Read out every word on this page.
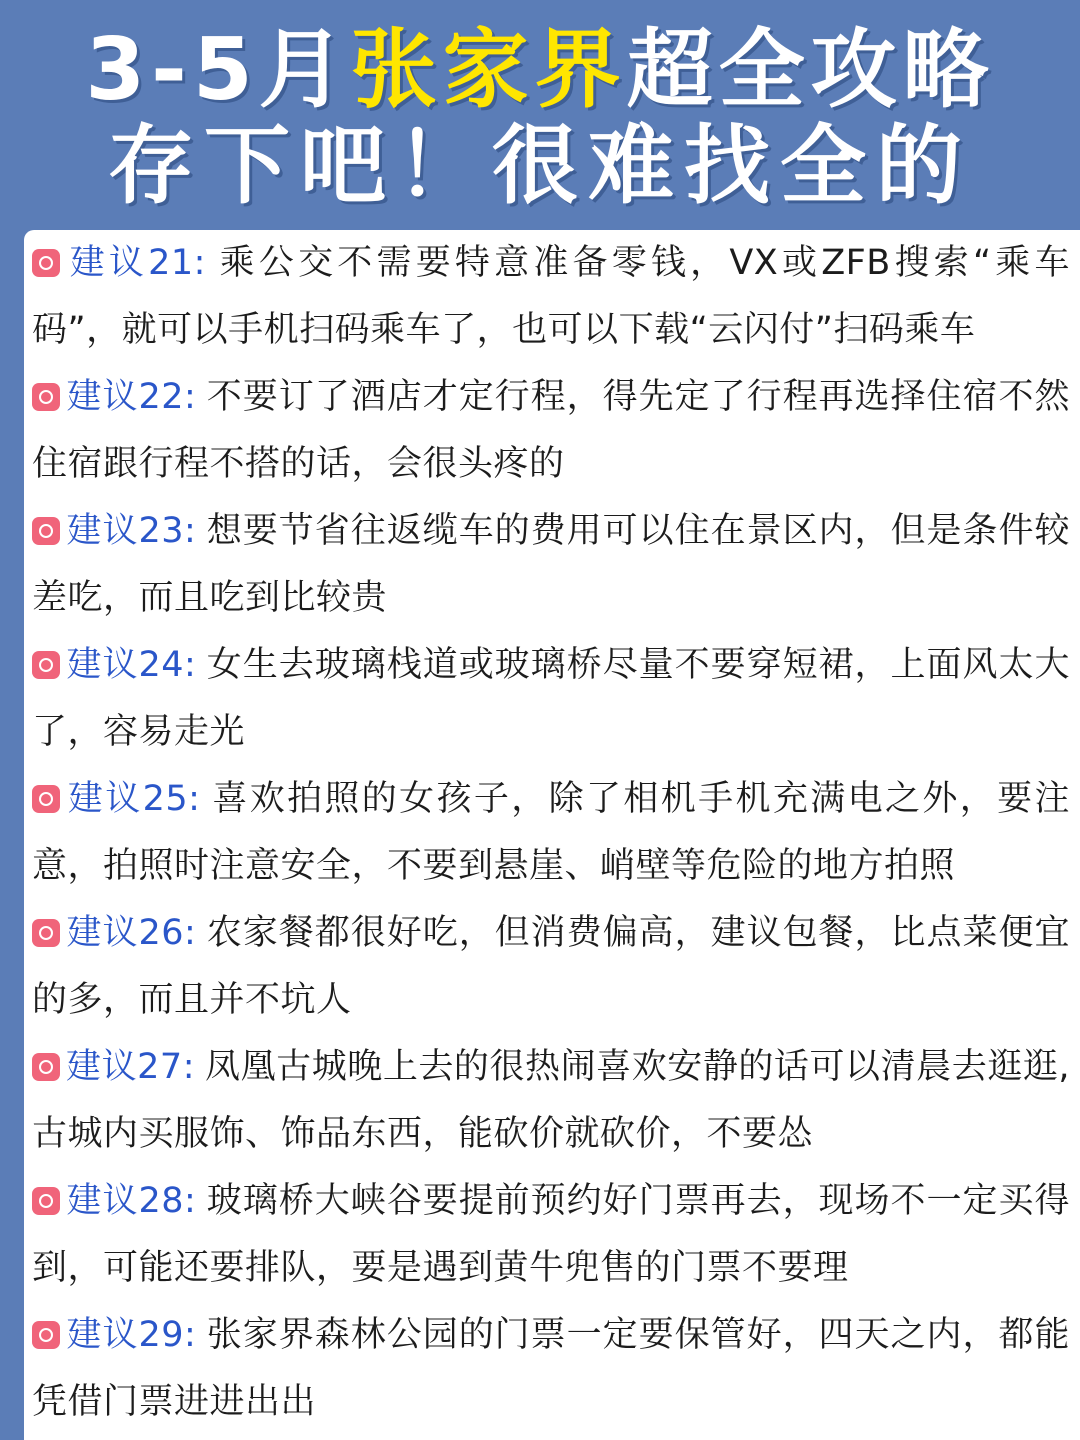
3-5月张家界超全攻略
存下吧！很难找全的
建议21: 乘公交不需要特意准备零钱，VX或ZFB搜索“乘车码”，就可以手机扫码乘车了，也可以下载“云闪付”扫码乘车
建议22: 不要订了酒店才定行程，得先定了行程再选择住宿不然住宿跟行程不搭的话，会很头疼的
建议23: 想要节省往返缆车的费用可以住在景区内，但是条件较差吃，而且吃到比较贵
建议24: 女生去玻璃栈道或玻璃桥尽量不要穿短裙，上面风太大了，容易走光
建议25: 喜欢拍照的女孩子，除了相机手机充满电之外，要注意，拍照时注意安全，不要到悬崖、峭壁等危险的地方拍照
建议26: 农家餐都很好吃，但消费偏高，建议包餐，比点菜便宜的多，而且并不坑人
建议27: 凤凰古城晚上去的很热闹喜欢安静的话可以清晨去逛逛,古城内买服饰、饰品东西，能砍价就砍价，不要怂
建议28: 玻璃桥大峡谷要提前预约好门票再去，现场不一定买得到，可能还要排队，要是遇到黄牛兜售的门票不要理
建议29: 张家界森林公园的门票一定要保管好，四天之内，都能凭借门票进进出出
